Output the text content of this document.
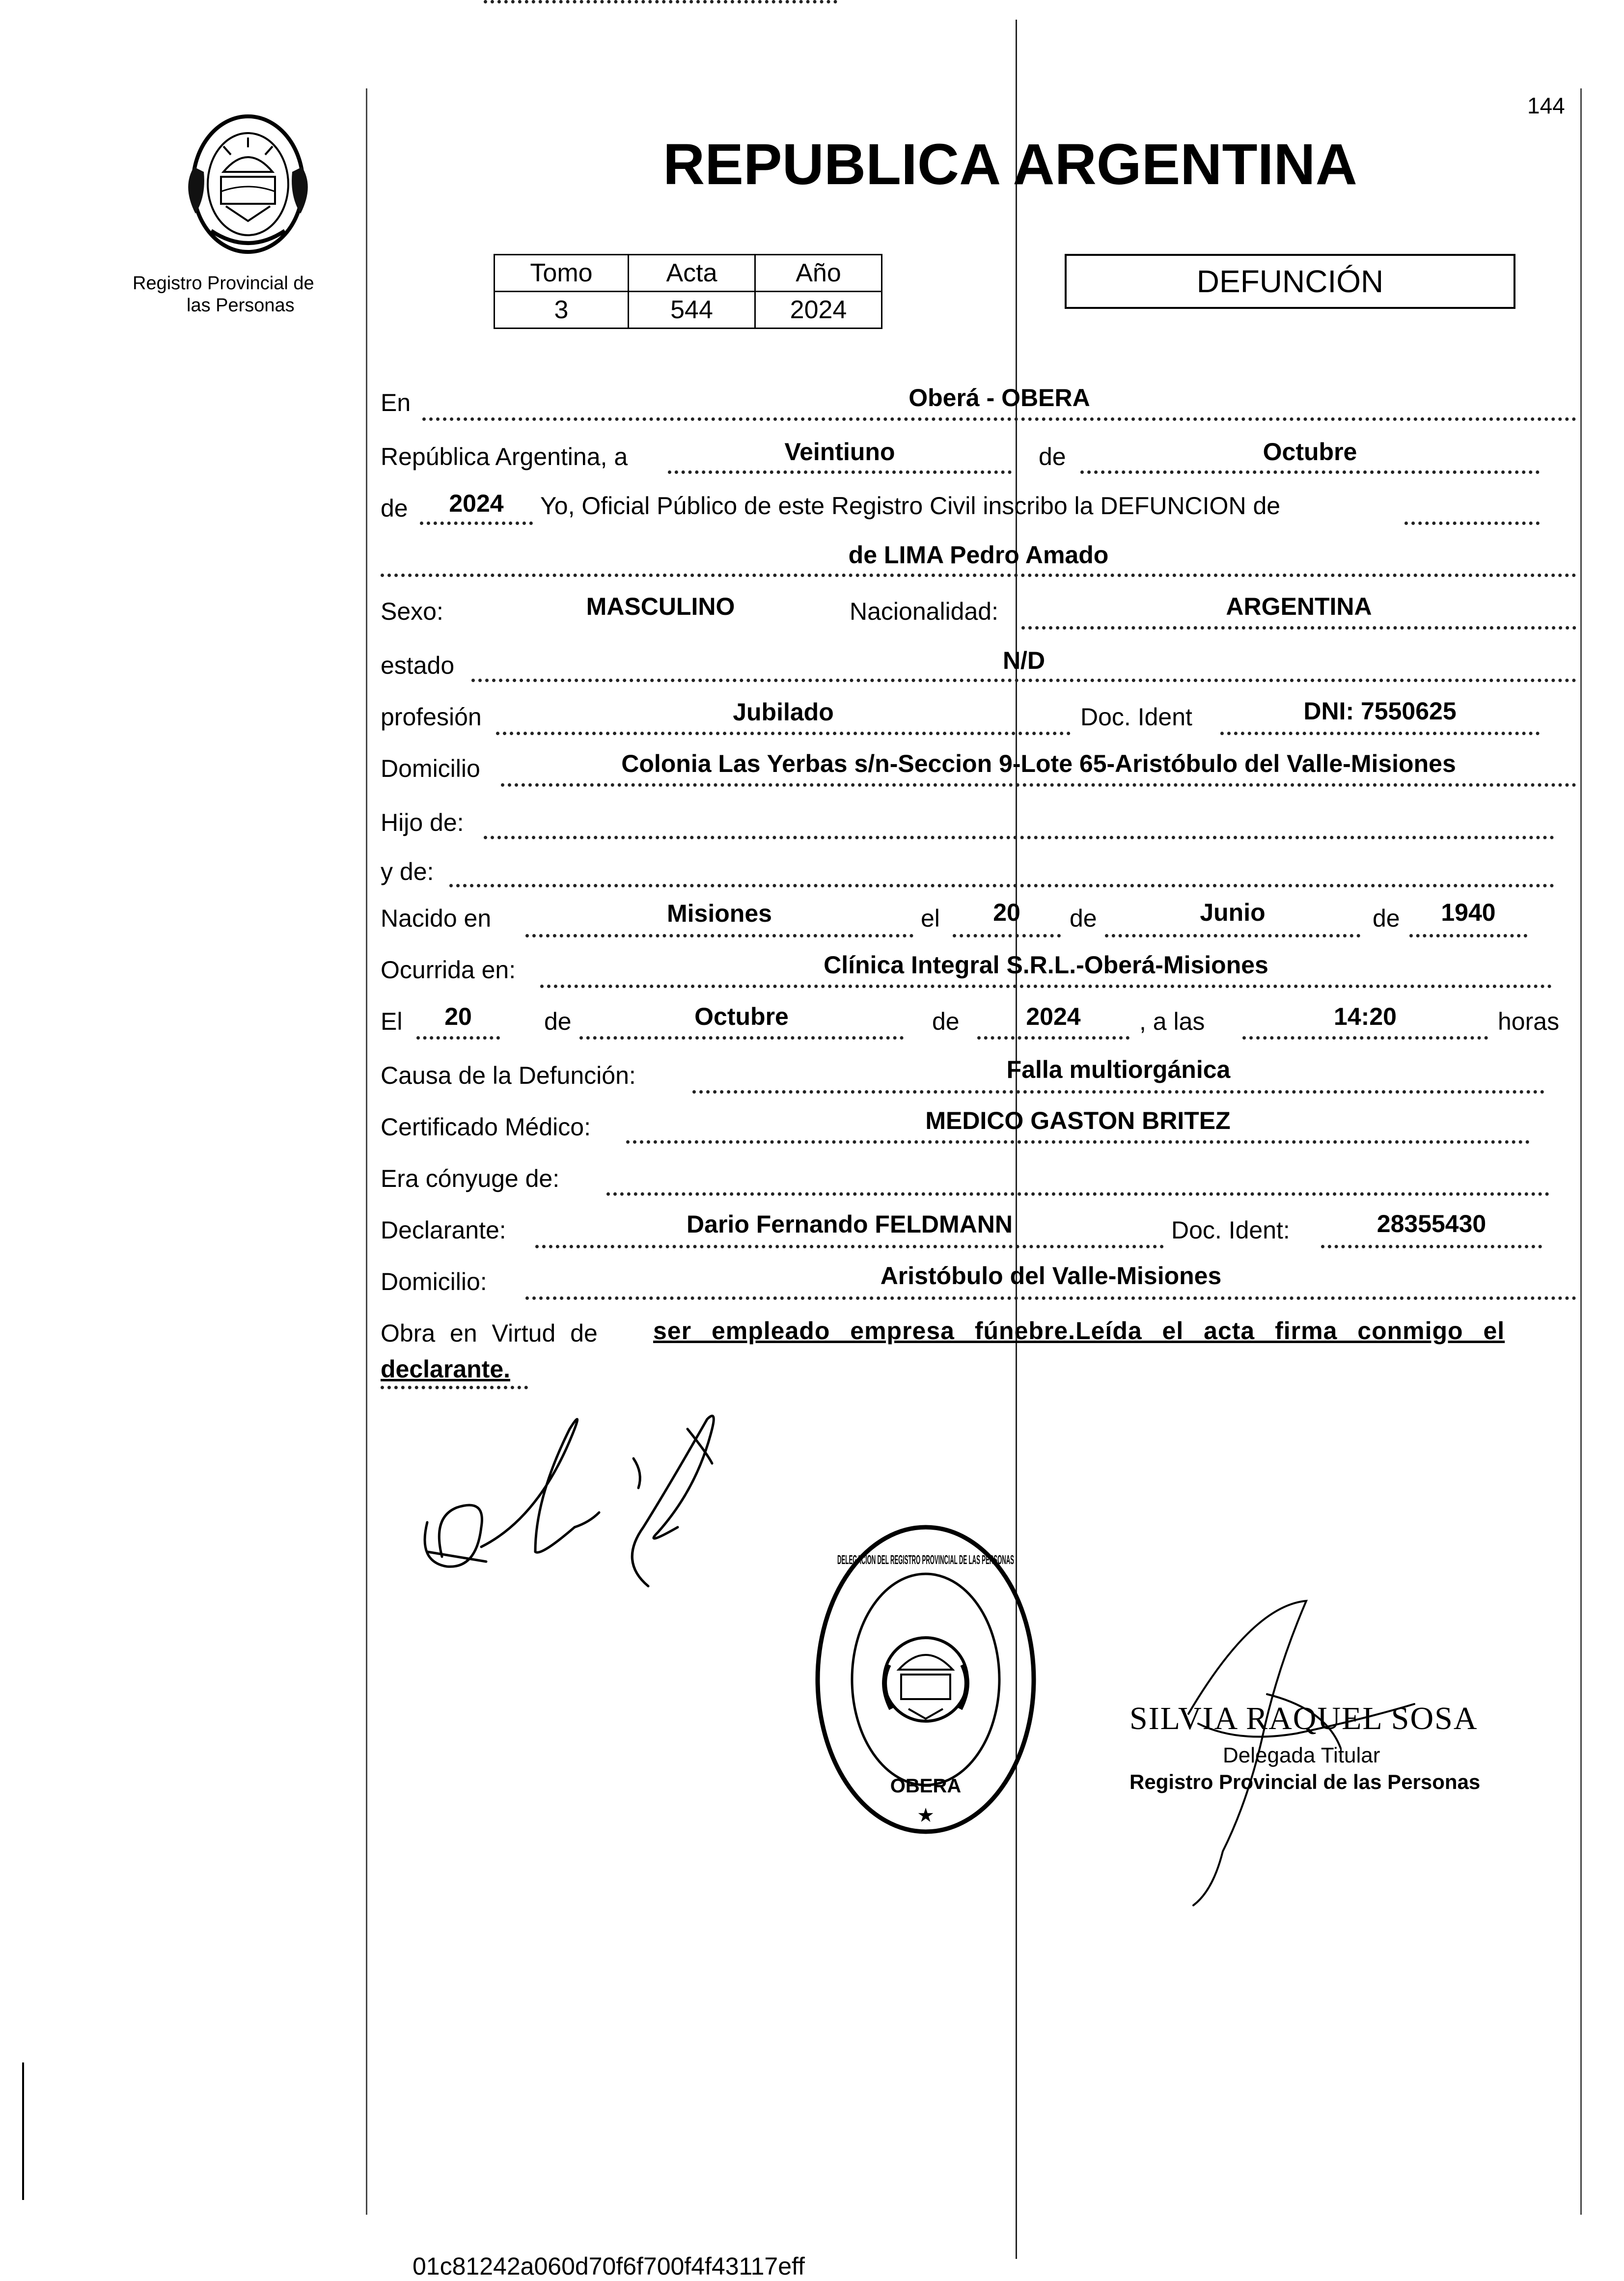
144
Registro Provincial de
las Personas
REPUBLICA ARGENTINA
Tomo	Acta	Año
3	544	2024
DEFUNCIÓN
En	Oberá - OBERA
República Argentina, a	Veintiuno	de	Octubre
de	2024	Yo, Oficial Público de este Registro Civil inscribo la DEFUNCION de
de LIMA Pedro Amado
Sexo:	MASCULINO	Nacionalidad:	ARGENTINA
estado	N/D
profesión	Jubilado	Doc. Ident	DNI: 7550625
Domicilio	Colonia Las Yerbas s/n-Seccion 9-Lote 65-Aristóbulo del Valle-Misiones
Hijo de:
y de:
Nacido en	Misiones	el	20	de	Junio	de	1940
Ocurrida en:	Clínica Integral S.R.L.-Oberá-Misiones
El	20	de	Octubre	de	2024	, a las	14:20	horas
Causa de la Defunción:	Falla multiorgánica
Certificado Médico:	MEDICO GASTON BRITEZ
Era cónyuge de:
Declarante:	Dario Fernando FELDMANN	Doc. Ident:	28355430
Domicilio:	Aristóbulo del Valle-Misiones
Obra en Virtud de ser empleado empresa fúnebre.Leída el acta firma conmigo el
declarante.
OBERÁ
★
DELEGACION DEL REGISTRO PROVINCIAL DE LAS PERSONAS
SILVIA RAQUEL SOSA
Delegada Titular
Registro Provincial de las Personas
01c81242a060d70f6f700f4f43117eff
